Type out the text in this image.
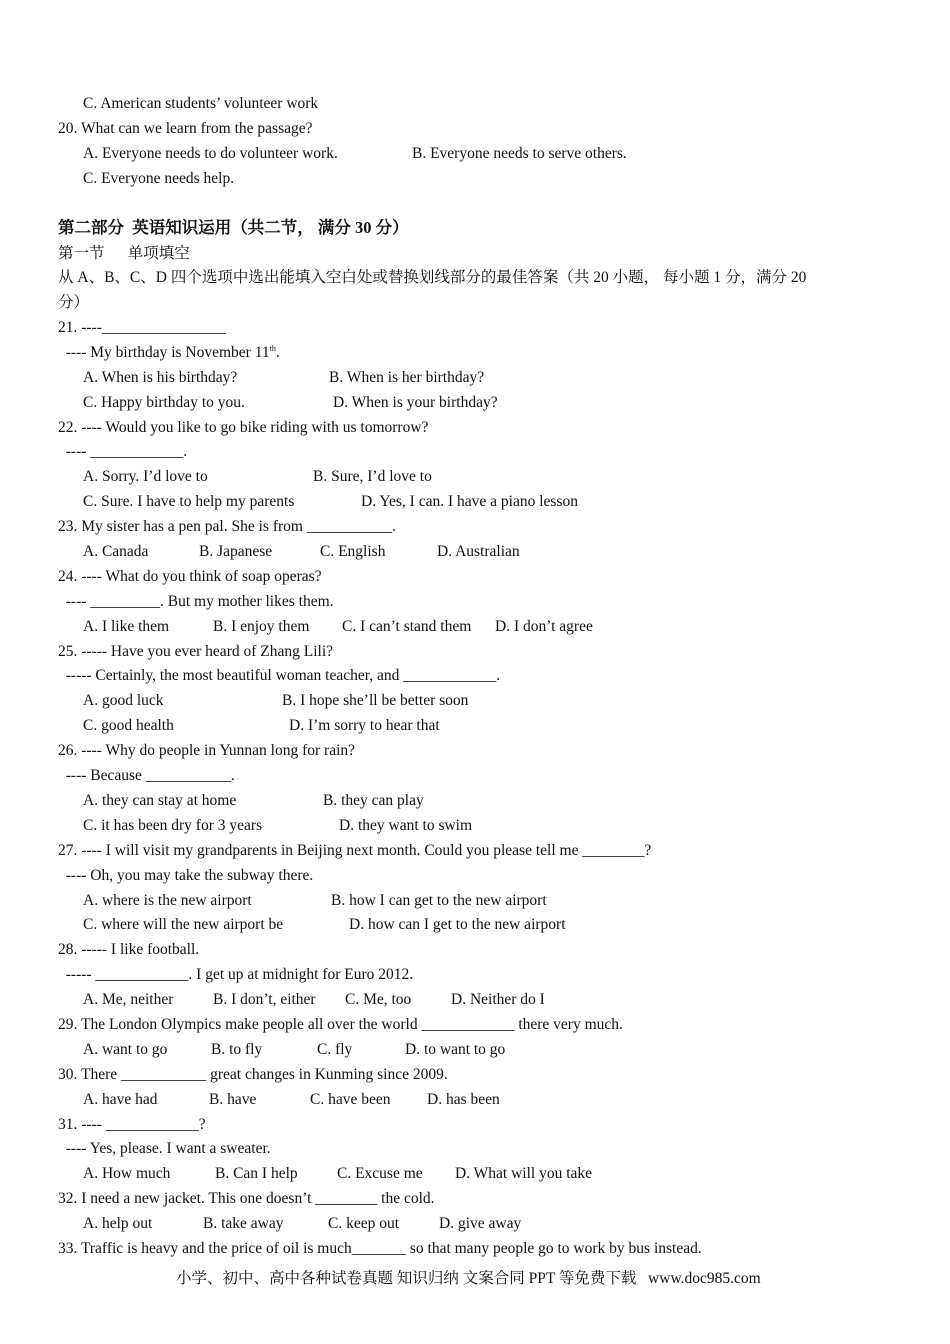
C. American students’ volunteer work
20. What can we learn from the passage?
A. Everyone needs to do volunteer work.	B. Everyone needs to serve others.
C. Everyone needs help.
第二部分  英语知识运用（共二节， 满分 30 分）
第一节      单项填空
从 A、B、C、D 四个选项中选出能填入空白处或替换划线部分的最佳答案（共 20 小题， 每小题 1 分，满分 20
分）
21. ----________________
---- My birthday is November 11th.
A. When is his birthday?	B. When is her birthday?
C. Happy birthday to you.	D. When is your birthday?
22. ---- Would you like to go bike riding with us tomorrow?
---- ____________.
A. Sorry. I’d love to	B. Sure, I’d love to
C. Sure. I have to help my parents	D. Yes, I can. I have a piano lesson
23. My sister has a pen pal. She is from ___________.
A. Canada	B. Japanese	C. English	D. Australian
24. ---- What do you think of soap operas?
---- _________. But my mother likes them.
A. I like them	B. I enjoy them C. I can’t stand them D. I don’t agree
25. ----- Have you ever heard of Zhang Lili?
----- Certainly, the most beautiful woman teacher, and ____________.
A. good luck	B. I hope she’ll be better soon
C. good health	D. I’m sorry to hear that
26. ---- Why do people in Yunnan long for rain?
---- Because ___________.
A. they can stay at home	B. they can play
C. it has been dry for 3 years	D. they want to swim
27. ---- I will visit my grandparents in Beijing next month. Could you please tell me ________?
---- Oh, you may take the subway there.
A. where is the new airport	B. how I can get to the new airport
C. where will the new airport be	D. how can I get to the new airport
28. ----- I like football.
----- ____________. I get up at midnight for Euro 2012.
A. Me, neither	B. I don’t, either C. Me, too	D. Neither do I
29. The London Olympics make people all over the world ____________ there very much.
A. want to go	B. to fly	C. fly	D. to want to go
30. There ___________ great changes in Kunming since 2009.
A. have had	B. have	C. have been D. has been
31. ---- ____________?
---- Yes, please. I want a sweater.
A. How much	B. Can I help	C. Excuse me D. What will you take
32. I need a new jacket. This one doesn’t ________ the cold.
A. help out	B. take away	C. keep out	D. give away
33. Traffic is heavy and the price of oil is much_______ so that many people go to work by bus instead.
小学、初中、高中各种试卷真题 知识归纳 文案合同 PPT 等免费下载   www.doc985.com
